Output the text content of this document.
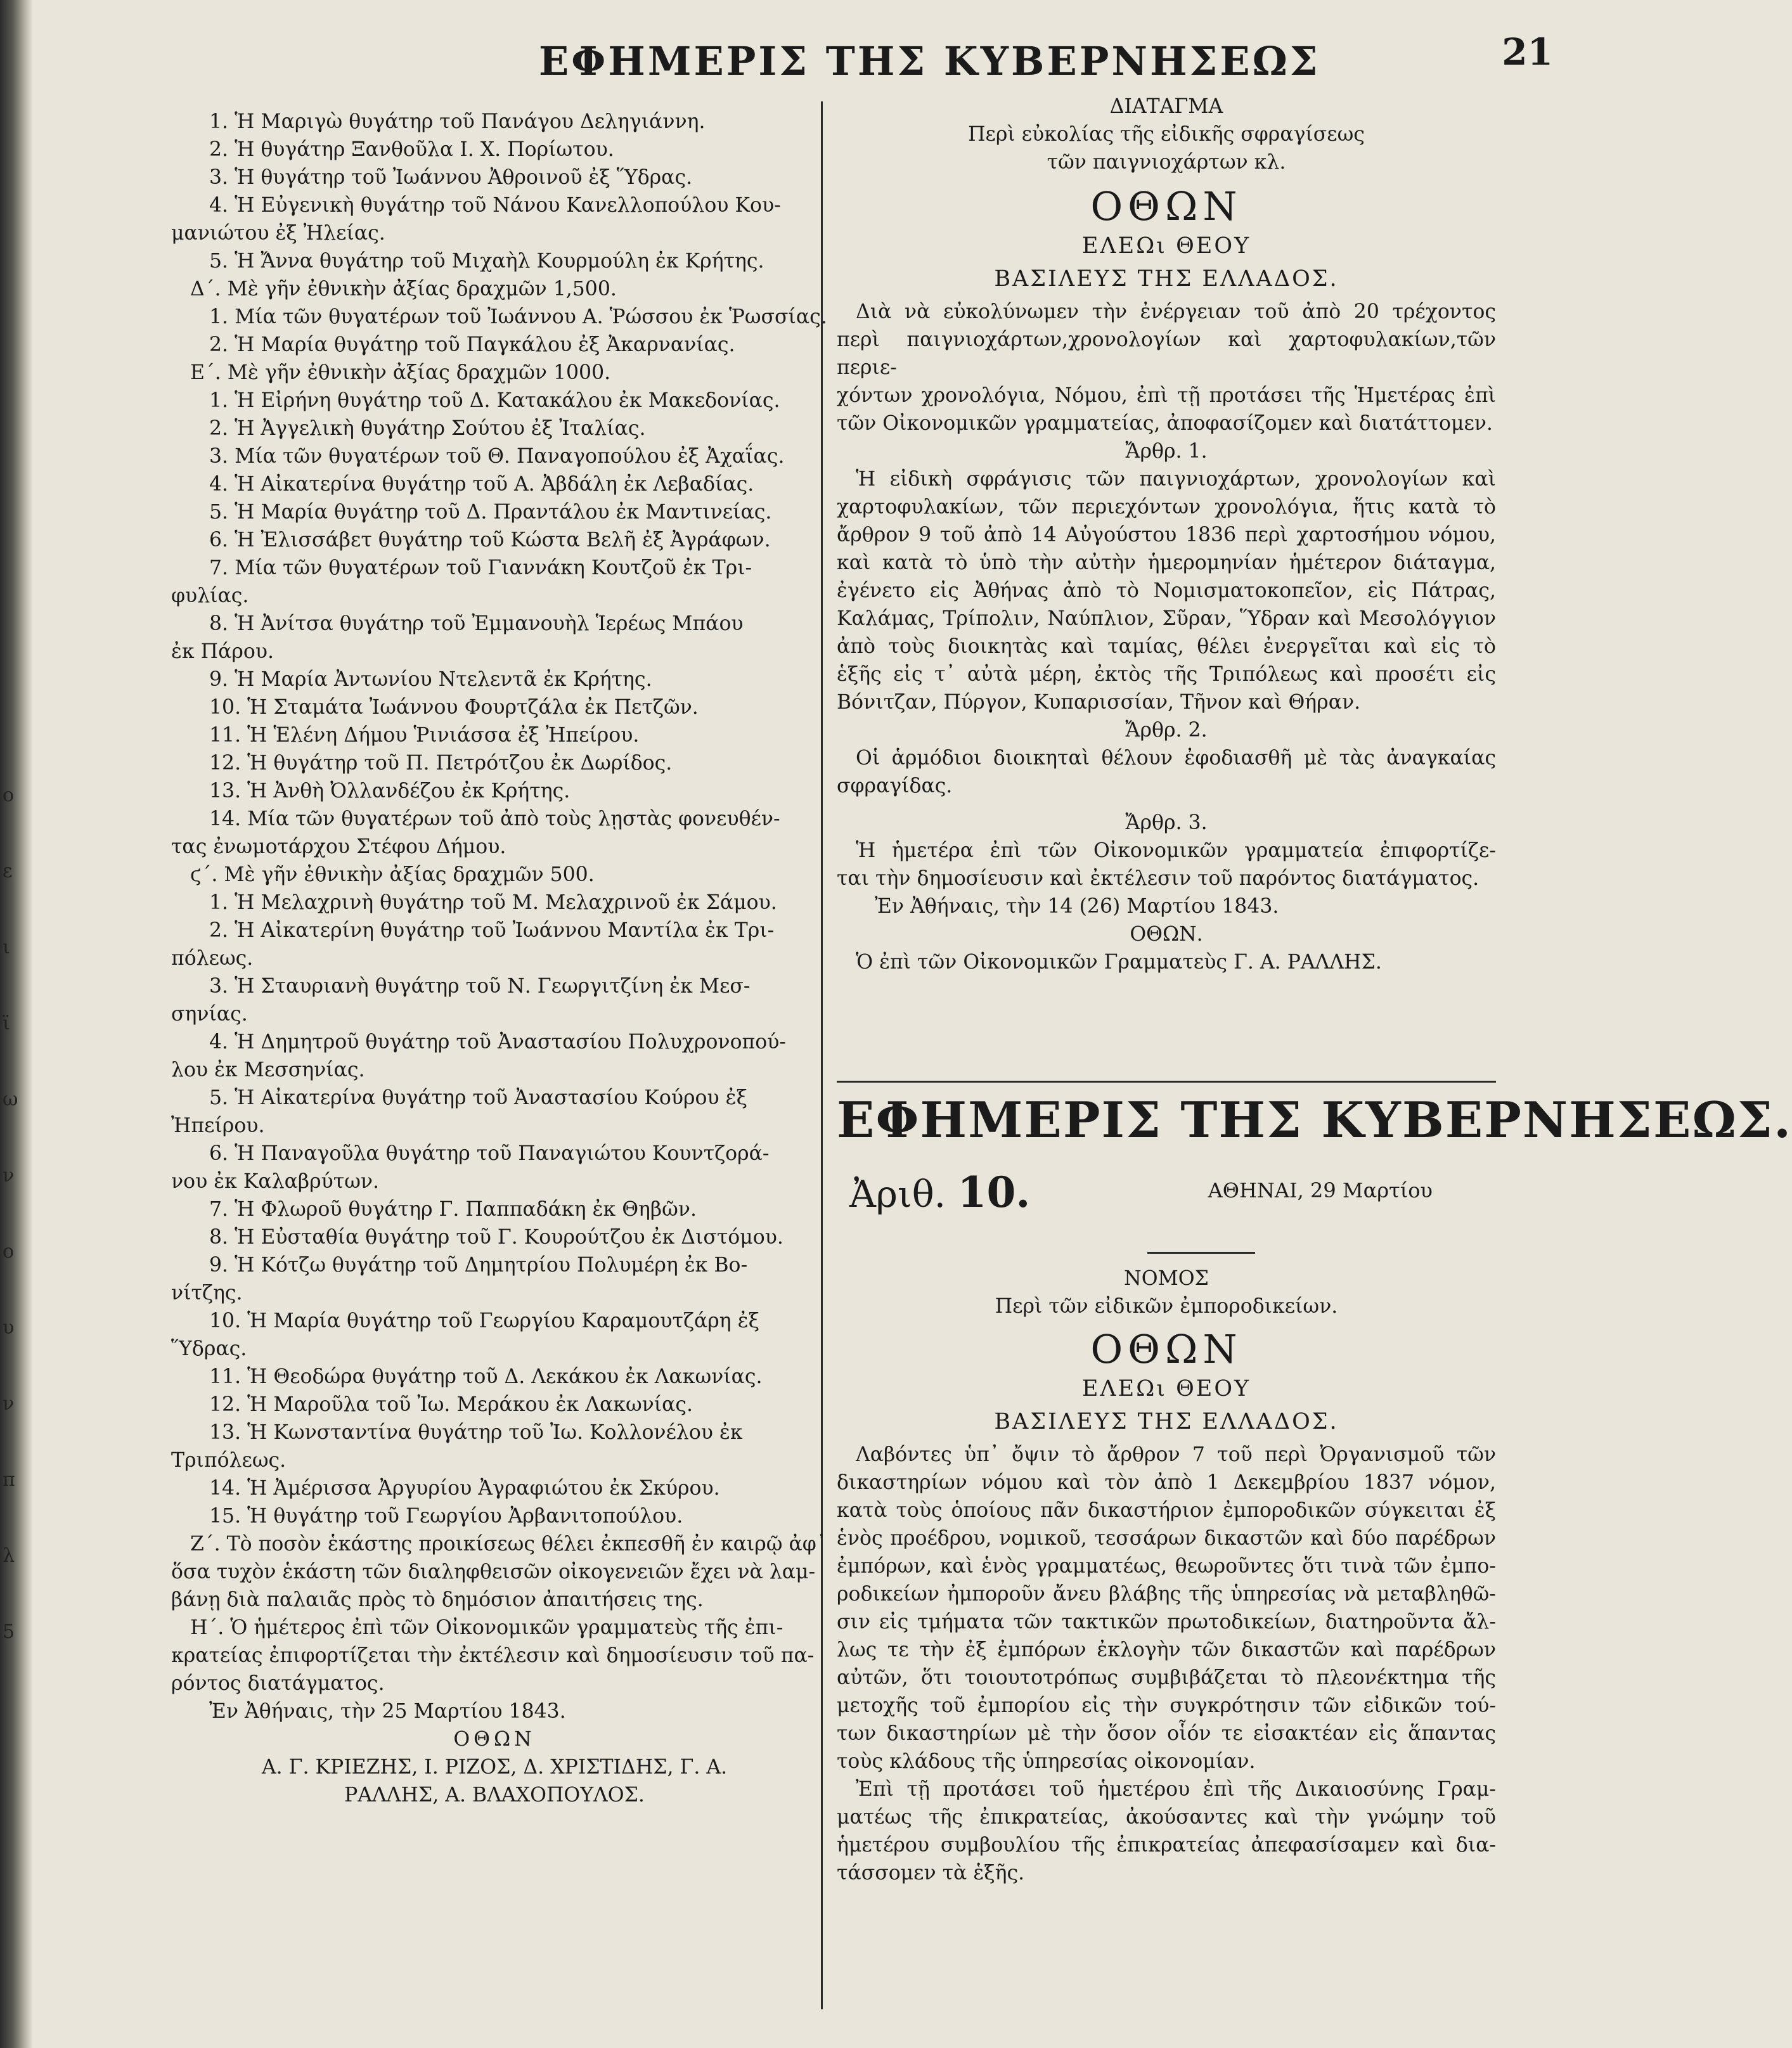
ο
ε
ι
ϊ
ω
ν
ο
υ
ν
π
λ
5
ΕΦΗΜΕΡΙΣ ΤΗΣ ΚΥΒΕΡΝΗΣΕΩΣ	21

1. Ἡ Μαριγὼ θυγάτηρ τοῦ Πανάγου Δεληγιάννη.

2. Ἡ θυγάτηρ Ξανθοῦλα Ι. Χ. Πορίωτου.

3. Ἡ θυγάτηρ τοῦ Ἰωάννου Ἀθροινοῦ ἐξ Ὕδρας.

4. Ἡ Εὐγενικὴ θυγάτηρ τοῦ Νάνου Κανελλοπούλου Κου-

μανιώτου ἐξ Ἠλείας.

5. Ἡ Ἄννα θυγάτηρ τοῦ Μιχαὴλ Κουρμούλη ἐκ Κρήτης.

Δ΄. Μὲ γῆν ἐθνικὴν ἀξίας δραχμῶν 1,500.

1. Μία τῶν θυγατέρων τοῦ Ἰωάννου Α. Ῥώσσου ἐκ Ῥωσσίας.

2. Ἡ Μαρία θυγάτηρ τοῦ Παγκάλου ἐξ Ἀκαρνανίας.

Ε΄. Μὲ γῆν ἐθνικὴν ἀξίας δραχμῶν 1000.

1. Ἡ Εἰρήνη θυγάτηρ τοῦ Δ. Κατακάλου ἐκ Μακεδονίας.

2. Ἡ Ἀγγελικὴ θυγάτηρ Σούτου ἐξ Ἰταλίας.

3. Μία τῶν θυγατέρων τοῦ Θ. Παναγοπούλου ἐξ Ἀχαΐας.

4. Ἡ Αἰκατερίνα θυγάτηρ τοῦ Α. Ἀβδάλη ἐκ Λεβαδίας.

5. Ἡ Μαρία θυγάτηρ τοῦ Δ. Πραντάλου ἐκ Μαντινείας.

6. Ἡ Ἐλισσάβετ θυγάτηρ τοῦ Κώστα Βελῆ ἐξ Ἀγράφων.

7. Μία τῶν θυγατέρων τοῦ Γιαννάκη Κουτζοῦ ἐκ Τρι-

φυλίας.

8. Ἡ Ἀνίτσα θυγάτηρ τοῦ Ἐμμανουὴλ Ἱερέως Μπάου

ἐκ Πάρου.

9. Ἡ Μαρία Ἀντωνίου Ντελεντᾶ ἐκ Κρήτης.

10. Ἡ Σταμάτα Ἰωάννου Φουρτζάλα ἐκ Πετζῶν.

11. Ἡ Ἑλένη Δήμου Ῥινιάσσα ἐξ Ἠπείρου.

12. Ἡ θυγάτηρ τοῦ Π. Πετρότζου ἐκ Δωρίδος.

13. Ἡ Ἀνθὴ Ὀλλανδέζου ἐκ Κρήτης.

14. Μία τῶν θυγατέρων τοῦ ἀπὸ τοὺς λῃστὰς φονευθέν-

τας ἐνωμοτάρχου Στέφου Δήμου.

ϛ΄. Μὲ γῆν ἐθνικὴν ἀξίας δραχμῶν 500.

1. Ἡ Μελαχρινὴ θυγάτηρ τοῦ Μ. Μελαχρινοῦ ἐκ Σάμου.

2. Ἡ Αἰκατερίνη θυγάτηρ τοῦ Ἰωάννου Μαντίλα ἐκ Τρι-

πόλεως.

3. Ἡ Σταυριανὴ θυγάτηρ τοῦ Ν. Γεωργιτζίνη ἐκ Μεσ-

σηνίας.

4. Ἡ Δημητροῦ θυγάτηρ τοῦ Ἀναστασίου Πολυχρονοπού-

λου ἐκ Μεσσηνίας.

5. Ἡ Αἰκατερίνα θυγάτηρ τοῦ Ἀναστασίου Κούρου ἐξ

Ἠπείρου.

6. Ἡ Παναγοῦλα θυγάτηρ τοῦ Παναγιώτου Κουντζορά-

νου ἐκ Καλαβρύτων.

7. Ἡ Φλωροῦ θυγάτηρ Γ. Παππαδάκη ἐκ Θηβῶν.

8. Ἡ Εὐσταθία θυγάτηρ τοῦ Γ. Κουρούτζου ἐκ Διστόμου.

9. Ἡ Κότζω θυγάτηρ τοῦ Δημητρίου Πολυμέρη ἐκ Βο-

νίτζης.

10. Ἡ Μαρία θυγάτηρ τοῦ Γεωργίου Καραμουτζάρη ἐξ

Ὕδρας.

11. Ἡ Θεοδώρα θυγάτηρ τοῦ Δ. Λεκάκου ἐκ Λακωνίας.

12. Ἡ Μαροῦλα τοῦ Ἰω. Μεράκου ἐκ Λακωνίας.

13. Ἡ Κωνσταντίνα θυγάτηρ τοῦ Ἰω. Κολλονέλου ἐκ

Τριπόλεως.

14. Ἡ Ἀμέρισσα Ἀργυρίου Ἀγραφιώτου ἐκ Σκύρου.

15. Ἡ θυγάτηρ τοῦ Γεωργίου Ἀρβανιτοπούλου.

Ζ΄. Τὸ ποσὸν ἑκάστης προικίσεως θέλει ἐκπεσθῆ ἐν καιρῷ ἀφ᾽

ὅσα τυχὸν ἑκάστη τῶν διαληφθεισῶν οἰκογενειῶν ἔχει νὰ λαμ-

βάνῃ διὰ παλαιᾶς πρὸς τὸ δημόσιον ἀπαιτήσεις της.

Η΄. Ὁ ἡμέτερος ἐπὶ τῶν Οἰκονομικῶν γραμματεὺς τῆς ἐπι-

κρατείας ἐπιφορτίζεται τὴν ἐκτέλεσιν καὶ δημοσίευσιν τοῦ πα-

ρόντος διατάγματος.

Ἐν Ἀθήναις, τὴν 25 Μαρτίου 1843.

ΟΘΩΝ

Α. Γ. ΚΡΙΕΖΗΣ, Ι. ΡΙΖΟΣ, Δ. ΧΡΙΣΤΙΔΗΣ, Γ. Α.

ΡΑΛΛΗΣ, Α. ΒΛΑΧΟΠΟΥΛΟΣ.

ΔΙΑΤΑΓΜΑ

Περὶ εὐκολίας τῆς εἰδικῆς σφραγίσεως

τῶν παιγνιοχάρτων κλ.

ΟΘΩΝ

ΕΛΕΩι ΘΕΟΥ

ΒΑΣΙΛΕΥΣ ΤΗΣ ΕΛΛΑΔΟΣ.

Διὰ νὰ εὐκολύνωμεν τὴν ἐνέργειαν τοῦ ἀπὸ 20 τρέχοντος

περὶ παιγνιοχάρτων,χρονολογίων καὶ χαρτοφυλακίων,τῶν περιε-

χόντων χρονολόγια, Νόμου, ἐπὶ τῇ προτάσει τῆς Ἡμετέρας ἐπὶ

τῶν Οἰκονομικῶν γραμματείας, ἀποφασίζομεν καὶ διατάττομεν.

Ἄρθρ. 1.

Ἡ εἰδικὴ σφράγισις τῶν παιγνιοχάρτων, χρονολογίων καὶ

χαρτοφυλακίων, τῶν περιεχόντων χρονολόγια, ἥτις κατὰ τὸ

ἄρθρον 9 τοῦ ἀπὸ 14 Αὐγούστου 1836 περὶ χαρτοσήμου νόμου,

καὶ κατὰ τὸ ὑπὸ τὴν αὐτὴν ἡμερομηνίαν ἡμέτερον διάταγμα,

ἐγένετο εἰς Ἀθήνας ἀπὸ τὸ Νομισματοκοπεῖον, εἰς Πάτρας,

Καλάμας, Τρίπολιν, Ναύπλιον, Σῦραν, Ὕδραν καὶ Μεσολόγγιον

ἀπὸ τοὺς διοικητὰς καὶ ταμίας, θέλει ἐνεργεῖται καὶ εἰς τὸ

ἑξῆς εἰς τ᾽ αὐτὰ μέρη, ἐκτὸς τῆς Τριπόλεως καὶ προσέτι εἰς

Βόνιτζαν, Πύργον, Κυπαρισσίαν, Τῆνον καὶ Θήραν.

Ἄρθρ. 2.

Οἱ ἁρμόδιοι διοικηταὶ θέλουν ἐφοδιασθῆ μὲ τὰς ἀναγκαίας

σφραγίδας.

Ἄρθρ. 3.

Ἡ ἡμετέρα ἐπὶ τῶν Οἰκονομικῶν γραμματεία ἐπιφορτίζε-

ται τὴν δημοσίευσιν καὶ ἐκτέλεσιν τοῦ παρόντος διατάγματος.

Ἐν Ἀθήναις, τὴν 14 (26) Μαρτίου 1843.

ΟΘΩΝ.

Ὁ ἐπὶ τῶν Οἰκονομικῶν Γραμματεὺς Γ. Α. ΡΑΛΛΗΣ.

ΕΦΗΜΕΡΙΣ ΤΗΣ ΚΥΒΕΡΝΗΣΕΩΣ.

Ἀριθ. 10.	ΑΘΗΝΑΙ, 29 Μαρτίου

ΝΟΜΟΣ

Περὶ τῶν εἰδικῶν ἐμποροδικείων.

ΟΘΩΝ

ΕΛΕΩι ΘΕΟΥ

ΒΑΣΙΛΕΥΣ ΤΗΣ ΕΛΛΑΔΟΣ.

Λαβόντες ὑπ᾽ ὄψιν τὸ ἄρθρον 7 τοῦ περὶ Ὀργανισμοῦ τῶν

δικαστηρίων νόμου καὶ τὸν ἀπὸ 1 Δεκεμβρίου 1837 νόμον,

κατὰ τοὺς ὁποίους πᾶν δικαστήριον ἐμποροδικῶν σύγκειται ἐξ

ἑνὸς προέδρου, νομικοῦ, τεσσάρων δικαστῶν καὶ δύο παρέδρων

ἐμπόρων, καὶ ἑνὸς γραμματέως, θεωροῦντες ὅτι τινὰ τῶν ἐμπο-

ροδικείων ἠμποροῦν ἄνευ βλάβης τῆς ὑπηρεσίας νὰ μεταβληθῶ-

σιν εἰς τμήματα τῶν τακτικῶν πρωτοδικείων, διατηροῦντα ἄλ-

λως τε τὴν ἐξ ἐμπόρων ἐκλογὴν τῶν δικαστῶν καὶ παρέδρων

αὐτῶν, ὅτι τοιουτοτρόπως συμβιβάζεται τὸ πλεονέκτημα τῆς

μετοχῆς τοῦ ἐμπορίου εἰς τὴν συγκρότησιν τῶν εἰδικῶν τού-

των δικαστηρίων μὲ τὴν ὅσον οἷόν τε εἰσακτέαν εἰς ἅπαντας

τοὺς κλάδους τῆς ὑπηρεσίας οἰκονομίαν.

Ἐπὶ τῇ προτάσει τοῦ ἡμετέρου ἐπὶ τῆς Δικαιοσύνης Γραμ-

ματέως τῆς ἐπικρατείας, ἀκούσαντες καὶ τὴν γνώμην τοῦ

ἡμετέρου συμβουλίου τῆς ἐπικρατείας ἀπεφασίσαμεν καὶ δια-

τάσσομεν τὰ ἑξῆς.
